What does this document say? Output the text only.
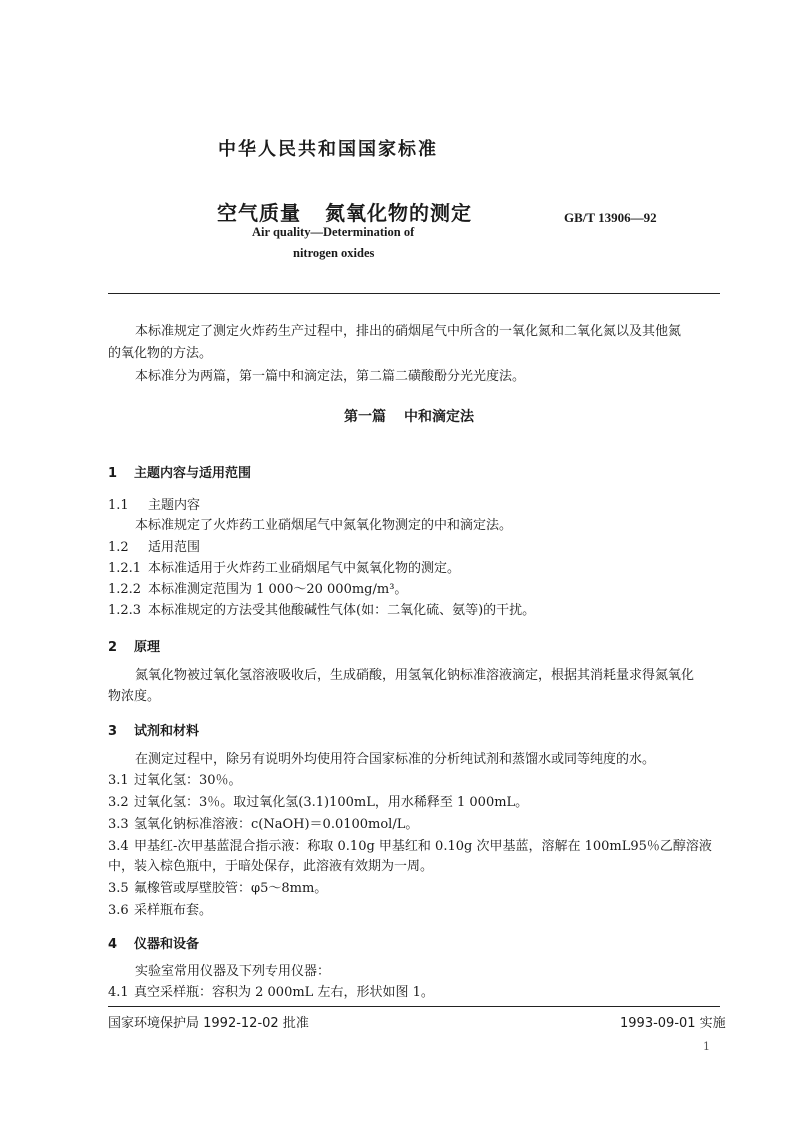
中华人民共和国国家标准
空气质量 氮氧化物的测定
Air quality—Determination of
nitrogen oxides
GB/T 13906—92
本标准规定了测定火炸药生产过程中，排出的硝烟尾气中所含的一氧化氮和二氧化氮以及其他氮
的氧化物的方法。
本标准分为两篇，第一篇中和滴定法，第二篇二磺酸酚分光光度法。
第一篇 中和滴定法
1 主题内容与适用范围
1.1 主题内容
本标准规定了火炸药工业硝烟尾气中氮氧化物测定的中和滴定法。
1.2 适用范围
1.2.1 本标准适用于火炸药工业硝烟尾气中氮氧化物的测定。
1.2.2 本标准测定范围为 1 000～20 000mg/m³。
1.2.3 本标准规定的方法受其他酸碱性气体(如：二氧化硫、氨等)的干扰。
2 原理
氮氧化物被过氧化氢溶液吸收后，生成硝酸，用氢氧化钠标准溶液滴定，根据其消耗量求得氮氧化
物浓度。
3 试剂和材料
在测定过程中，除另有说明外均使用符合国家标准的分析纯试剂和蒸馏水或同等纯度的水。
3.1 过氧化氢：30％。
3.2 过氧化氢：3％。取过氧化氢(3.1)100mL，用水稀释至 1 000mL。
3.3 氢氧化钠标准溶液：c(NaOH)＝0.0100mol/L。
3.4 甲基红-次甲基蓝混合指示液：称取 0.10g 甲基红和 0.10g 次甲基蓝，溶解在 100mL95％乙醇溶液
中，装入棕色瓶中，于暗处保存，此溶液有效期为一周。
3.5 氟橡管或厚壁胶管：φ5～8mm。
3.6 采样瓶布套。
4 仪器和设备
实验室常用仪器及下列专用仪器：
4.1 真空采样瓶：容积为 2 000mL 左右，形状如图 1。
国家环境保护局 1992-12-02 批准	1993-09-01 实施
1
